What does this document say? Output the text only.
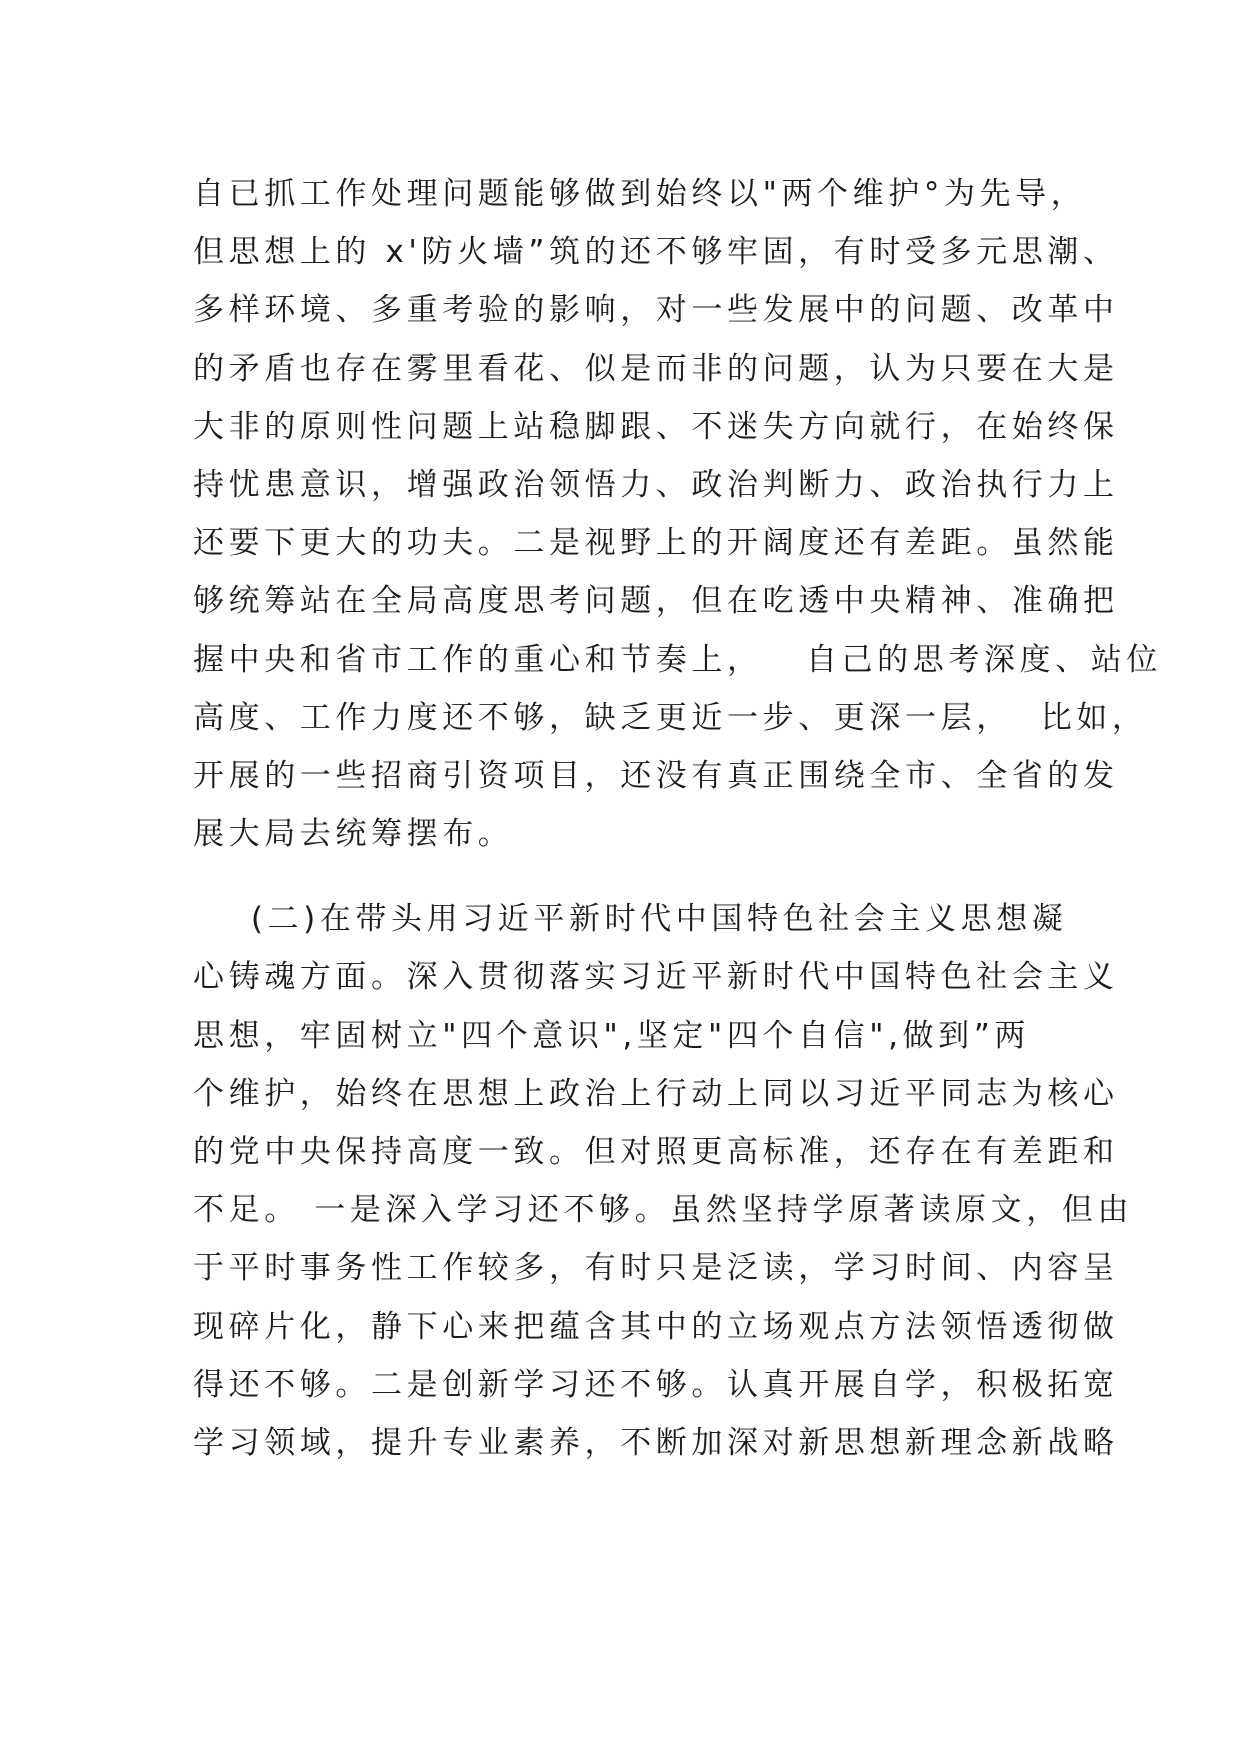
自已抓工作处理问题能够做到始终以"两个维护°为先导，
但思想上的 x'防火墙”筑的还不够牢固，有时受多元思潮、
多样环境、多重考验的影响，对一些发展中的问题、改革中
的矛盾也存在雾里看花、似是而非的问题，认为只要在大是
大非的原则性问题上站稳脚跟、不迷失方向就行，在始终保
持忧患意识，增强政治领悟力、政治判断力、政治执行力上
还要下更大的功夫。二是视野上的开阔度还有差距。虽然能
够统筹站在全局高度思考问题，但在吃透中央精神、准确把
握中央和省市工作的重心和节奏上，   自己的思考深度、站位
高度、工作力度还不够，缺乏更近一步、更深一层，  比如，
开展的一些招商引资项目，还没有真正围绕全市、全省的发
展大局去统筹摆布。
(二)在带头用习近平新时代中国特色社会主义思想凝
心铸魂方面。深入贯彻落实习近平新时代中国特色社会主义
思想，牢固树立"四个意识",坚定"四个自信",做到”两
个维护，始终在思想上政治上行动上同以习近平同志为核心
的党中央保持高度一致。但对照更高标准，还存在有差距和
不足。 一是深入学习还不够。虽然坚持学原著读原文，但由
于平时事务性工作较多，有时只是泛读，学习时间、内容呈
现碎片化，静下心来把蕴含其中的立场观点方法领悟透彻做
得还不够。二是创新学习还不够。认真开展自学，积极拓宽
学习领域，提升专业素养，不断加深对新思想新理念新战略
